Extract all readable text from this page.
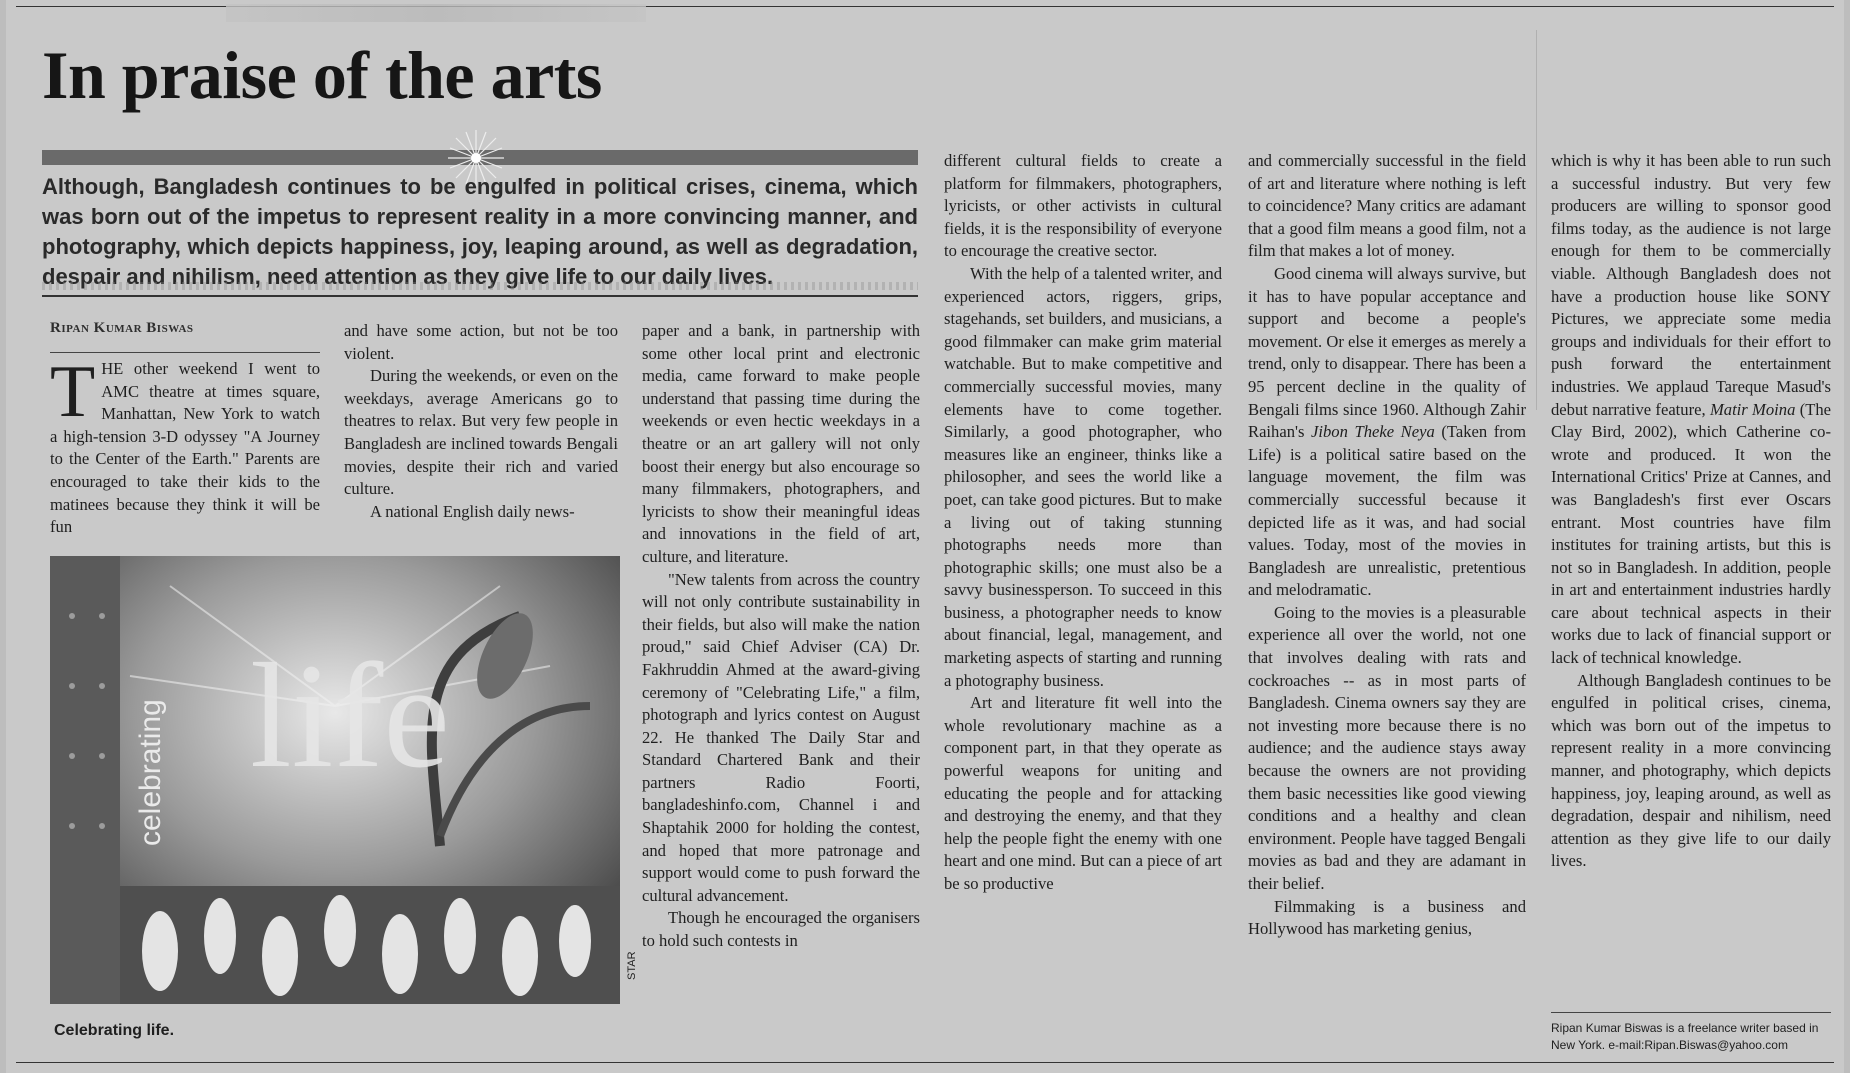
In praise of the arts

Although, Bangladesh continues to be engulfed in political crises, cinema, which was born out of the impetus to represent reality in a more convincing manner, and photography, which depicts happiness, joy, leaping around, as well as degradation, despair and nihilism, need attention as they give life to our daily lives.

Ripan Kumar Biswas

THE other weekend I went to AMC theatre at times square, Manhattan, New York to watch a high-tension 3-D odyssey "A Journey to the Center of the Earth." Parents are encouraged to take their kids to the matinees because they think it will be fun

and have some action, but not be too violent.

During the weekends, or even on the weekdays, average Americans go to theatres to relax. But very few people in Bangladesh are inclined towards Bengali movies, despite their rich and varied culture.

A national English daily news-

life
celebrating
STAR

Celebrating life.

paper and a bank, in partnership with some other local print and electronic media, came forward to make people understand that passing time during the weekends or even hectic weekdays in a theatre or an art gallery will not only boost their energy but also encourage so many filmmakers, photographers, and lyricists to show their meaningful ideas and innovations in the field of art, culture, and literature.

"New talents from across the country will not only contribute sustainability in their fields, but also will make the nation proud," said Chief Adviser (CA) Dr. Fakhruddin Ahmed at the award-giving ceremony of "Celebrating Life," a film, photograph and lyrics contest on August 22. He thanked The Daily Star and Standard Chartered Bank and their partners Radio Foorti, bangladeshinfo.com, Channel i and Shaptahik 2000 for holding the contest, and hoped that more patronage and support would come to push forward the cultural advancement.

Though he encouraged the organisers to hold such contests in

different cultural fields to create a platform for filmmakers, photographers, lyricists, or other activists in cultural fields, it is the responsibility of everyone to encourage the creative sector.

With the help of a talented writer, and experienced actors, riggers, grips, stagehands, set builders, and musicians, a good filmmaker can make grim material watchable. But to make competitive and commercially successful movies, many elements have to come together. Similarly, a good photographer, who measures like an engineer, thinks like a philosopher, and sees the world like a poet, can take good pictures. But to make a living out of taking stunning photographs needs more than photographic skills; one must also be a savvy businessperson. To succeed in this business, a photographer needs to know about financial, legal, management, and marketing aspects of starting and running a photography business.

Art and literature fit well into the whole revolutionary machine as a component part, in that they operate as powerful weapons for uniting and educating the people and for attacking and destroying the enemy, and that they help the people fight the enemy with one heart and one mind. But can a piece of art be so productive

and commercially successful in the field of art and literature where nothing is left to coincidence? Many critics are adamant that a good film means a good film, not a film that makes a lot of money.

Good cinema will always survive, but it has to have popular acceptance and support and become a people's movement. Or else it emerges as merely a trend, only to disappear. There has been a 95 percent decline in the quality of Bengali films since 1960. Although Zahir Raihan's Jibon Theke Neya (Taken from Life) is a political satire based on the language movement, the film was commercially successful because it depicted life as it was, and had social values. Today, most of the movies in Bangladesh are unrealistic, pretentious and melodramatic.

Going to the movies is a pleasurable experience all over the world, not one that involves dealing with rats and cockroaches -- as in most parts of Bangladesh. Cinema owners say they are not investing more because there is no audience; and the audience stays away because the owners are not providing them basic necessities like good viewing conditions and a healthy and clean environment. People have tagged Bengali movies as bad and they are adamant in their belief.

Filmmaking is a business and Hollywood has marketing genius,

which is why it has been able to run such a successful industry. But very few producers are willing to sponsor good films today, as the audience is not large enough for them to be commercially viable. Although Bangladesh does not have a production house like SONY Pictures, we appreciate some media groups and individuals for their effort to push forward the entertainment industries. We applaud Tareque Masud's debut narrative feature, Matir Moina (The Clay Bird, 2002), which Catherine co-wrote and produced. It won the International Critics' Prize at Cannes, and was Bangladesh's first ever Oscars entrant. Most countries have film institutes for training artists, but this is not so in Bangladesh. In addition, people in art and entertainment industries hardly care about technical aspects in their works due to lack of financial support or lack of technical knowledge.

Although Bangladesh continues to be engulfed in political crises, cinema, which was born out of the impetus to represent reality in a more convincing manner, and photography, which depicts happiness, joy, leaping around, as well as degradation, despair and nihilism, need attention as they give life to our daily lives.

Ripan Kumar Biswas is a freelance writer based in New York. e-mail:Ripan.Biswas@yahoo.com
